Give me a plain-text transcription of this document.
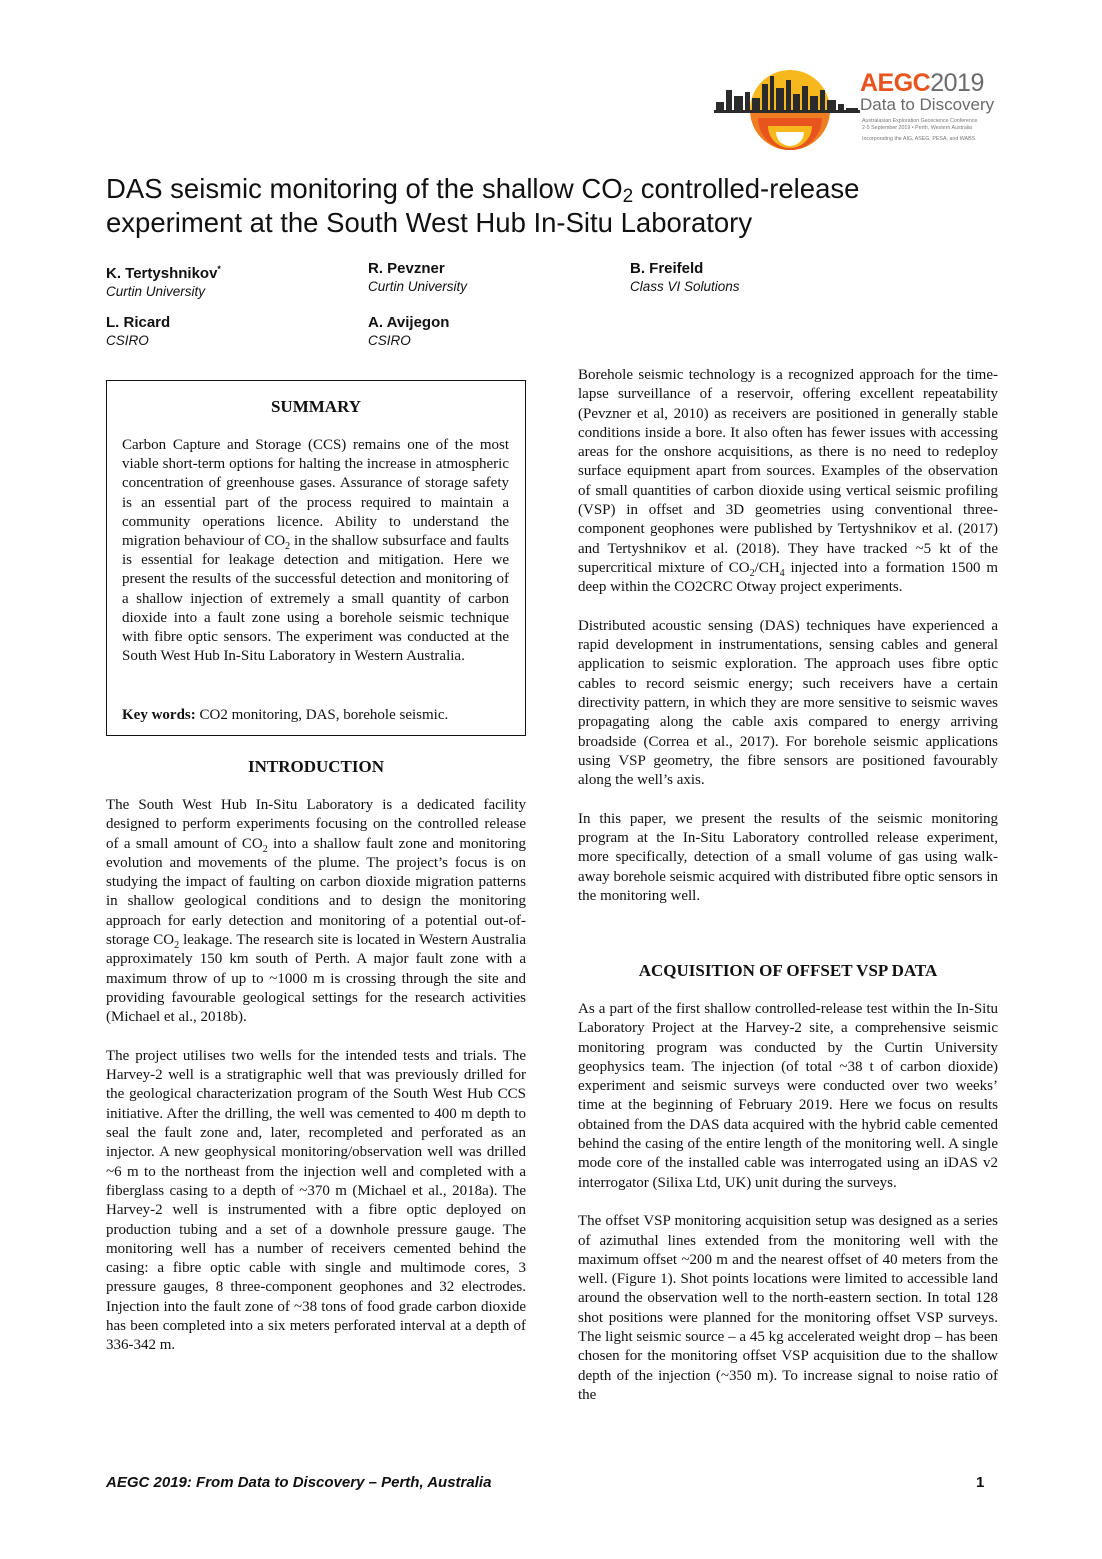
AEGC2019
Data to Discovery
Australasian Exploration Geoscience Conference
2-5 September 2019 • Perth, Western Australia
Incorporating the AIG, ASEG, PESA, and WABS
DAS seismic monitoring of the shallow $CO_2$ controlled-release
experiment at the South West Hub In-Situ Laboratory
K. Tertyshnikov*
Curtin University
R. Pevzner
Curtin University
B. Freifeld
Class VI Solutions
L. Ricard
CSIRO
A. Avijegon
CSIRO
SUMMARY

Carbon Capture and Storage (CCS) remains one of the most viable short-term options for halting the increase in atmospheric concentration of greenhouse gases. Assurance of storage safety is an essential part of the process required to maintain a community operations licence. Ability to understand the migration behaviour of $CO_2$ in the shallow subsurface and faults is essential for leakage detection and mitigation. Here we present the results of the successful detection and monitoring of a shallow injection of extremely a small quantity of carbon dioxide into a fault zone using a borehole seismic technique with fibre optic sensors. The experiment was conducted at the South West Hub In-Situ Laboratory in Western Australia.

Key words: CO2 monitoring, DAS, borehole seismic.
INTRODUCTION

The South West Hub In-Situ Laboratory is a dedicated facility designed to perform experiments focusing on the controlled release of a small amount of $CO_2$ into a shallow fault zone and monitoring evolution and movements of the plume. The project’s focus is on studying the impact of faulting on carbon dioxide migration patterns in shallow geological conditions and to design the monitoring approach for early detection and monitoring of a potential out-of-storage $CO_2$ leakage. The research site is located in Western Australia approximately 150 km south of Perth. A major fault zone with a maximum throw of up to ~1000 m is crossing through the site and providing favourable geological settings for the research activities (Michael et al., 2018b).

The project utilises two wells for the intended tests and trials. The Harvey-2 well is a stratigraphic well that was previously drilled for the geological characterization program of the South West Hub CCS initiative. After the drilling, the well was cemented to 400 m depth to seal the fault zone and, later, recompleted and perforated as an injector. A new geophysical monitoring/observation well was drilled ~6 m to the northeast from the injection well and completed with a fiberglass casing to a depth of ~370 m (Michael et al., 2018a). The Harvey-2 well is instrumented with a fibre optic deployed on production tubing and a set of a downhole pressure gauge. The monitoring well has a number of receivers cemented behind the casing: a fibre optic cable with single and multimode cores, 3 pressure gauges, 8 three-component geophones and 32 electrodes. Injection into the fault zone of ~38 tons of food grade carbon dioxide has been completed into a six meters perforated interval at a depth of 336-342 m.

Borehole seismic technology is a recognized approach for the time-lapse surveillance of a reservoir, offering excellent repeatability (Pevzner et al, 2010) as receivers are positioned in generally stable conditions inside a bore. It also often has fewer issues with accessing areas for the onshore acquisitions, as there is no need to redeploy surface equipment apart from sources. Examples of the observation of small quantities of carbon dioxide using vertical seismic profiling (VSP) in offset and 3D geometries using conventional three-component geophones were published by Tertyshnikov et al. (2017) and Tertyshnikov et al. (2018). They have tracked ~5 kt of the supercritical mixture of $CO_2/CH_4$ injected into a formation 1500 m deep within the CO2CRC Otway project experiments.

Distributed acoustic sensing (DAS) techniques have experienced a rapid development in instrumentations, sensing cables and general application to seismic exploration. The approach uses fibre optic cables to record seismic energy; such receivers have a certain directivity pattern, in which they are more sensitive to seismic waves propagating along the cable axis compared to energy arriving broadside (Correa et al., 2017). For borehole seismic applications using VSP geometry, the fibre sensors are positioned favourably along the well’s axis.

In this paper, we present the results of the seismic monitoring program at the In-Situ Laboratory controlled release experiment, more specifically, detection of a small volume of gas using walk-away borehole seismic acquired with distributed fibre optic sensors in the monitoring well.

ACQUISITION OF OFFSET VSP DATA

As a part of the first shallow controlled-release test within the In-Situ Laboratory Project at the Harvey-2 site, a comprehensive seismic monitoring program was conducted by the Curtin University geophysics team. The injection (of total ~38 t of carbon dioxide) experiment and seismic surveys were conducted over two weeks’ time at the beginning of February 2019. Here we focus on results obtained from the DAS data acquired with the hybrid cable cemented behind the casing of the entire length of the monitoring well. A single mode core of the installed cable was interrogated using an iDAS v2 interrogator (Silixa Ltd, UK) unit during the surveys.

The offset VSP monitoring acquisition setup was designed as a series of azimuthal lines extended from the monitoring well with the maximum offset ~200 m and the nearest offset of 40 meters from the well. (Figure 1). Shot points locations were limited to accessible land around the observation well to the north-eastern section. In total 128 shot positions were planned for the monitoring offset VSP surveys. The light seismic source – a 45 kg accelerated weight drop – has been chosen for the monitoring offset VSP acquisition due to the shallow depth of the injection (~350 m). To increase signal to noise ratio of the

AEGC 2019: From Data to Discovery – Perth, Australia	1
